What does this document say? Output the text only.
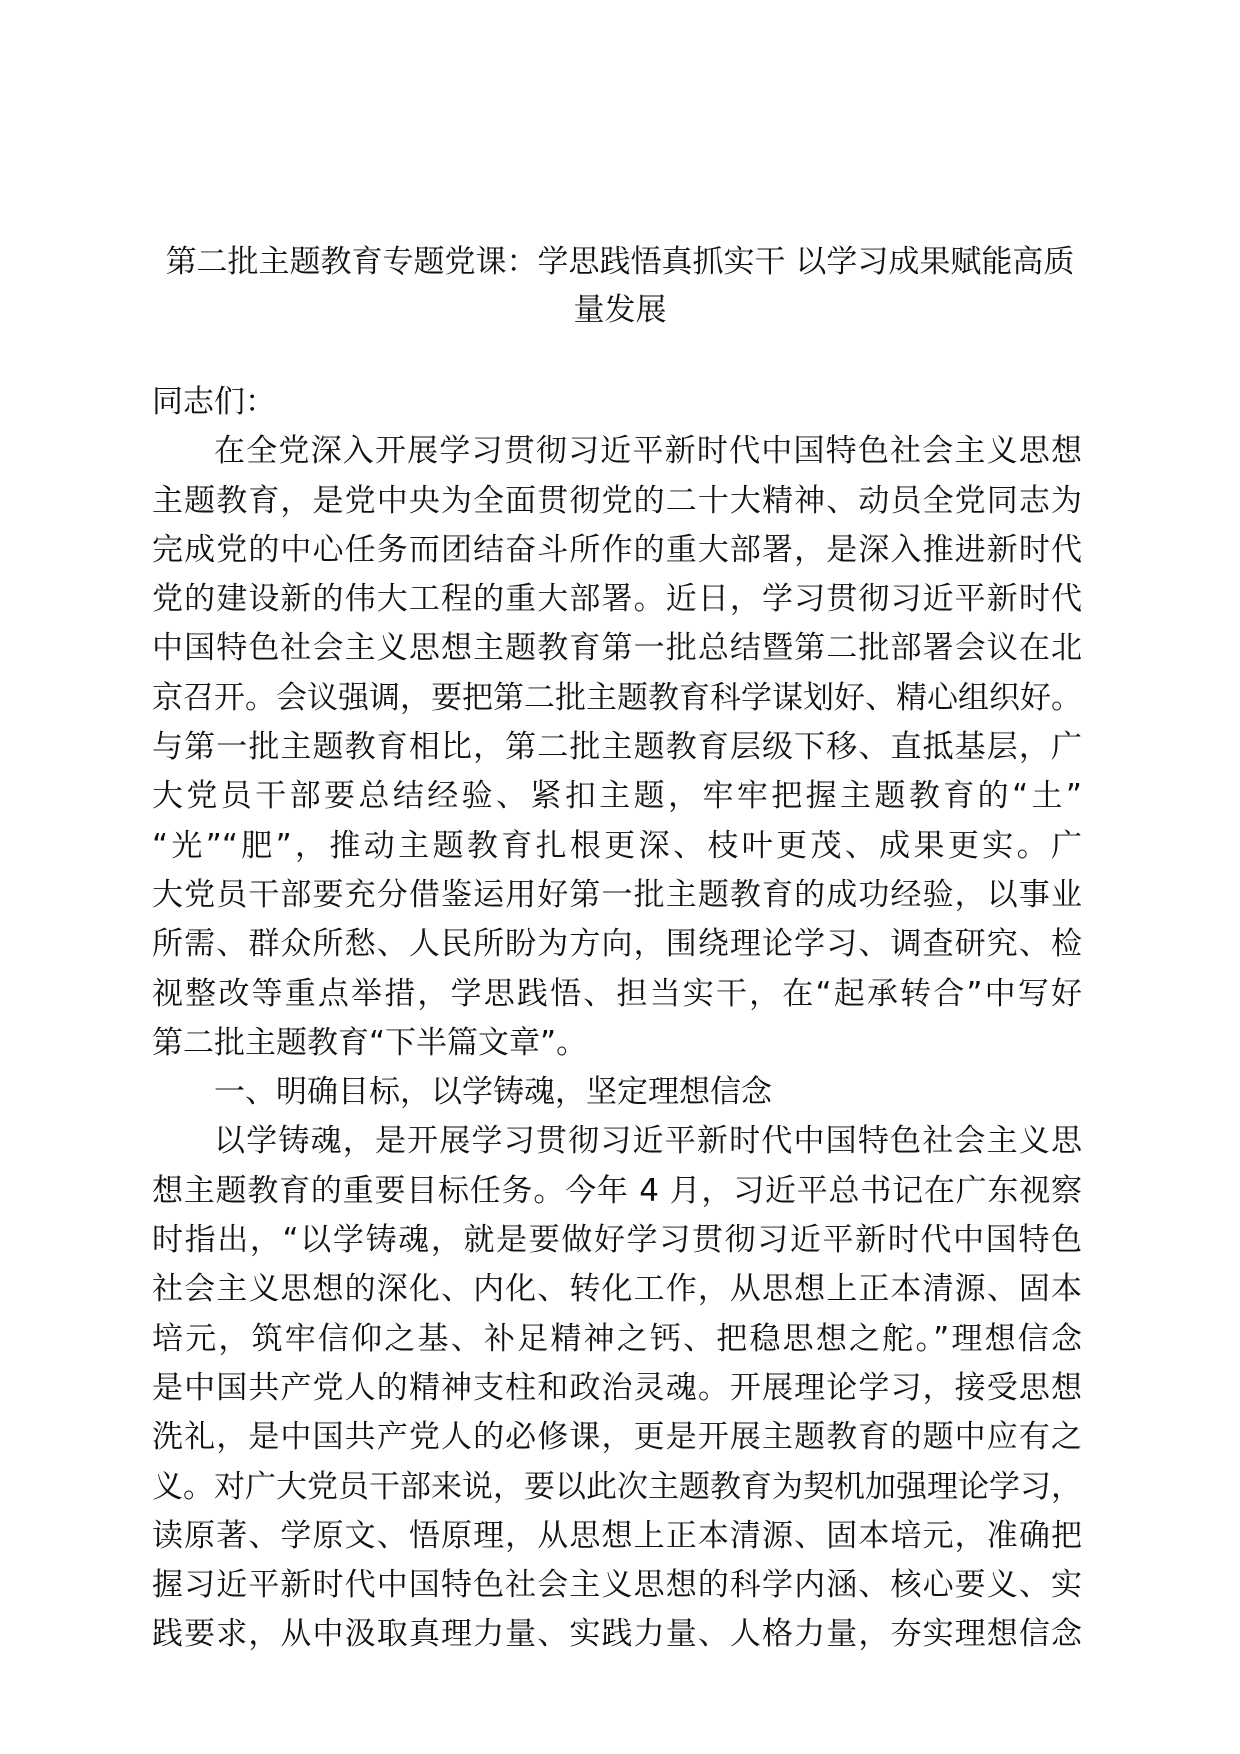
第二批主题教育专题党课：学思践悟真抓实干 以学习成果赋能高质
量发展
同志们：
在全党深入开展学习贯彻习近平新时代中国特色社会主义思想
主题教育，是党中央为全面贯彻党的二十大精神、动员全党同志为
完成党的中心任务而团结奋斗所作的重大部署，是深入推进新时代
党的建设新的伟大工程的重大部署。近日，学习贯彻习近平新时代
中国特色社会主义思想主题教育第一批总结暨第二批部署会议在北
京召开。会议强调，要把第二批主题教育科学谋划好、精心组织好。
与第一批主题教育相比，第二批主题教育层级下移、直抵基层，广
大党员干部要总结经验、紧扣主题，牢牢把握主题教育的“土”
“光”“肥”，推动主题教育扎根更深、枝叶更茂、成果更实。广
大党员干部要充分借鉴运用好第一批主题教育的成功经验，以事业
所需、群众所愁、人民所盼为方向，围绕理论学习、调查研究、检
视整改等重点举措，学思践悟、担当实干，在“起承转合”中写好
第二批主题教育“下半篇文章”。
一、明确目标，以学铸魂，坚定理想信念
以学铸魂，是开展学习贯彻习近平新时代中国特色社会主义思
想主题教育的重要目标任务。今年 4 月，习近平总书记在广东视察
时指出，“以学铸魂，就是要做好学习贯彻习近平新时代中国特色
社会主义思想的深化、内化、转化工作，从思想上正本清源、固本
培元，筑牢信仰之基、补足精神之钙、把稳思想之舵。”理想信念
是中国共产党人的精神支柱和政治灵魂。开展理论学习，接受思想
洗礼，是中国共产党人的必修课，更是开展主题教育的题中应有之
义。对广大党员干部来说，要以此次主题教育为契机加强理论学习，
读原著、学原文、悟原理，从思想上正本清源、固本培元，准确把
握习近平新时代中国特色社会主义思想的科学内涵、核心要义、实
践要求，从中汲取真理力量、实践力量、人格力量，夯实理想信念
